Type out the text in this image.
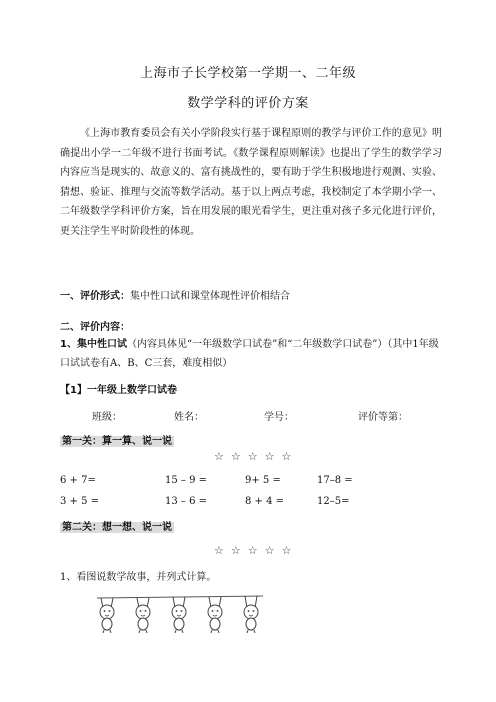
上海市子长学校第一学期一、二年级
数学学科的评价方案
《上海市教育委员会有关小学阶段实行基于课程原则的教学与评价工作的意见》明确提出小学一二年级不进行书面考试。《数学课程原则解读》也提出了学生的数学学习内容应当是现实的、故意义的、富有挑战性的，要有助于学生积极地进行观测、实验、猜想、验证、推理与交流等数学活动。基于以上两点考虑，我校制定了本学期小学一、二年级数学学科评价方案，旨在用发展的眼光看学生，更注重对孩子多元化进行评价，更关注学生平时阶段性的体现。
一、评价形式：集中性口试和课堂体现性评价相结合
二、评价内容：
1、集中性口试（内容具体见“一年级数学口试卷”和“二年级数学口试卷”）（其中1年级口试试卷有A、B、C三套，难度相似）
【1】一年级上数学口试卷
班级：	姓名：	学号：	评价等第：
第一关：算一算、说一说
☆☆☆☆☆
6 + 7=	15 – 9 =	9+ 5 =	17–8 =
3 + 5 =	13 – 6 =	8 + 4 =	12–5=
第二关：想一想、说一说
☆☆☆☆☆
1、看图说数学故事，并列式计算。
